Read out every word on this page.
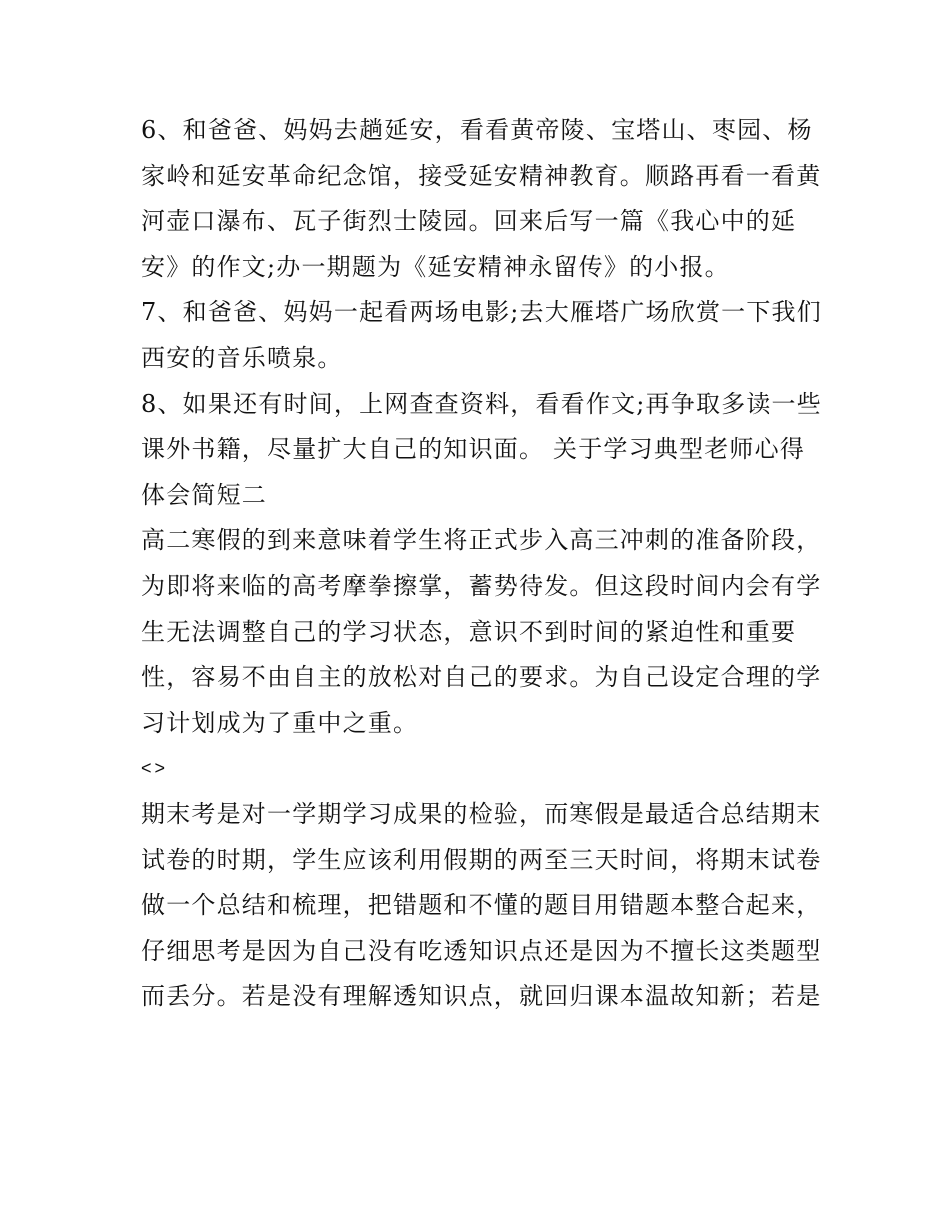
6、和爸爸、妈妈去趟延安，看看黄帝陵、宝塔山、枣园、杨
家岭和延安革命纪念馆，接受延安精神教育。顺路再看一看黄
河壶口瀑布、瓦子街烈士陵园。回来后写一篇《我心中的延
安》的作文;办一期题为《延安精神永留传》的小报。
7、和爸爸、妈妈一起看两场电影;去大雁塔广场欣赏一下我们
西安的音乐喷泉。
8、如果还有时间，上网查查资料，看看作文;再争取多读一些
课外书籍，尽量扩大自己的知识面。 关于学习典型老师心得
体会简短二
高二寒假的到来意味着学生将正式步入高三冲刺的准备阶段，
为即将来临的高考摩拳擦掌，蓄势待发。但这段时间内会有学
生无法调整自己的学习状态，意识不到时间的紧迫性和重要
性，容易不由自主的放松对自己的要求。为自己设定合理的学
习计划成为了重中之重。
<>
期末考是对一学期学习成果的检验，而寒假是最适合总结期末
试卷的时期，学生应该利用假期的两至三天时间，将期末试卷
做一个总结和梳理，把错题和不懂的题目用错题本整合起来，
仔细思考是因为自己没有吃透知识点还是因为不擅长这类题型
而丢分。若是没有理解透知识点，就回归课本温故知新；若是
